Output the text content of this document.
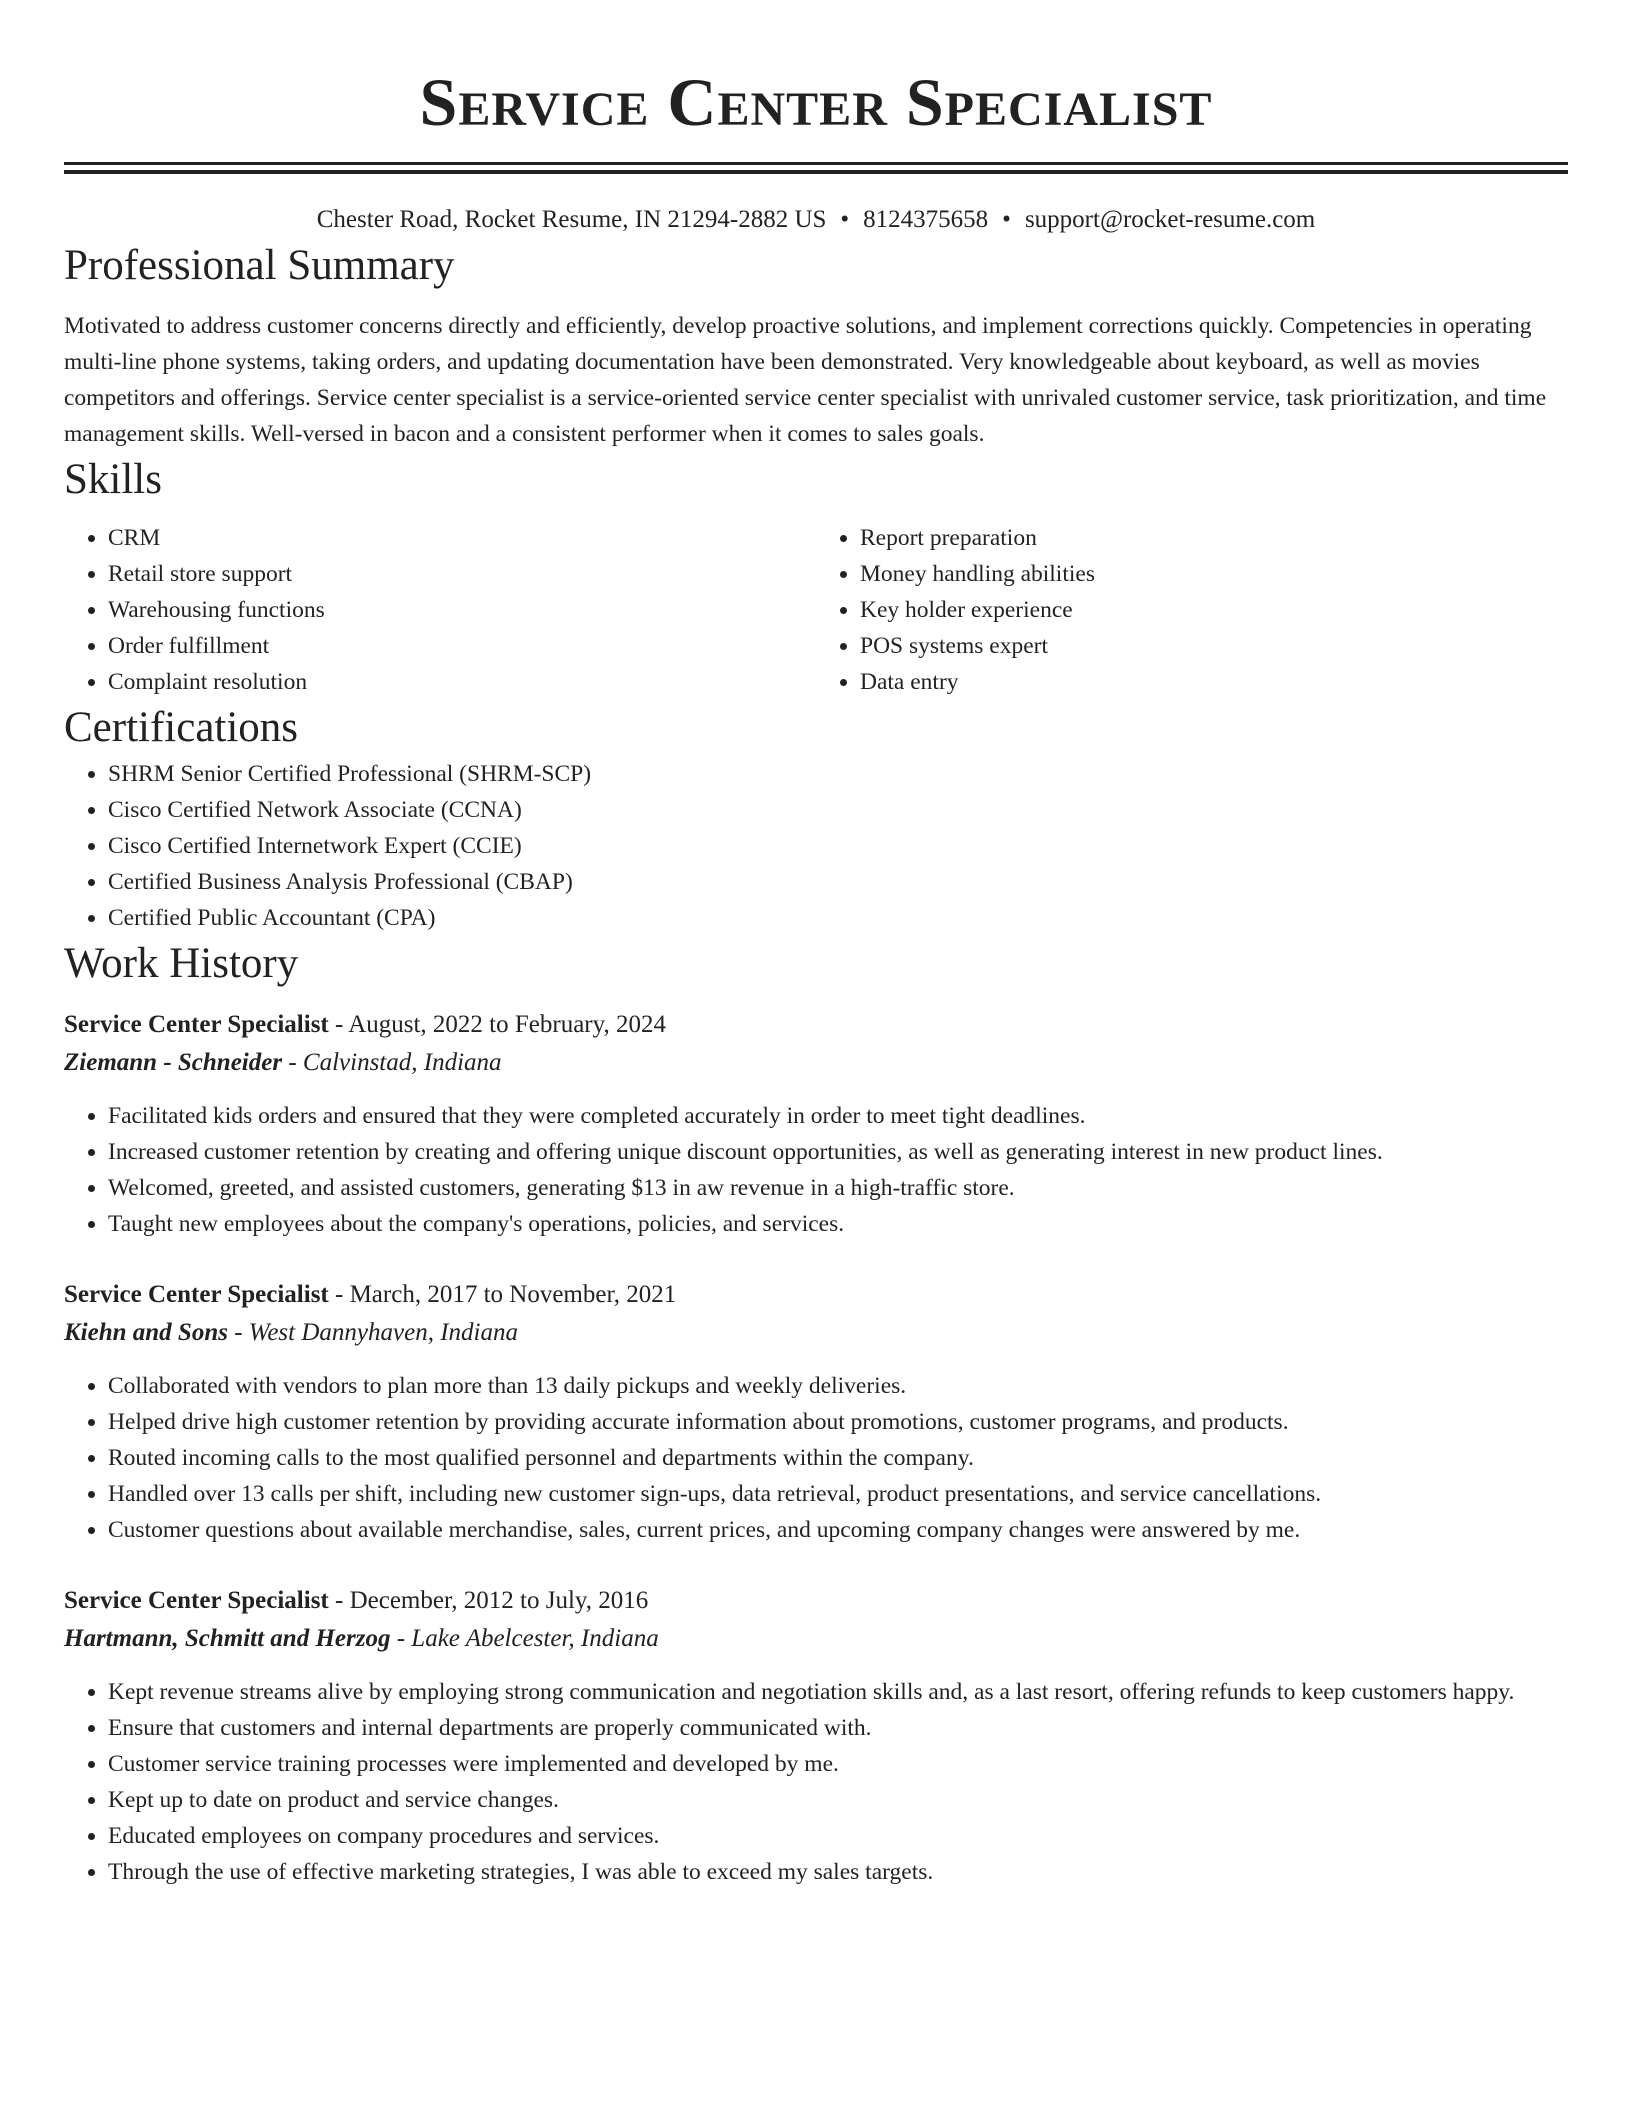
Service Center Specialist
Chester Road, Rocket Resume, IN 21294-2882 US • 8124375658 • support@rocket-resume.com
Professional Summary

Motivated to address customer concerns directly and efficiently, develop proactive solutions, and implement corrections quickly. Competencies in operating multi-line phone systems, taking orders, and updating documentation have been demonstrated. Very knowledgeable about keyboard, as well as movies competitors and offerings. Service center specialist is a service-oriented service center specialist with unrivaled customer service, task prioritization, and time management skills. Well-versed in bacon and a consistent performer when it comes to sales goals.

Skills
• CRM
• Retail store support
• Warehousing functions
• Order fulfillment
• Complaint resolution
• Report preparation
• Money handling abilities
• Key holder experience
• POS systems expert
• Data entry
Certifications
• SHRM Senior Certified Professional (SHRM-SCP)
• Cisco Certified Network Associate (CCNA)
• Cisco Certified Internetwork Expert (CCIE)
• Certified Business Analysis Professional (CBAP)
• Certified Public Accountant (CPA)
Work History
Service Center Specialist - August, 2022 to February, 2024
Ziemann - Schneider - Calvinstad, Indiana
• Facilitated kids orders and ensured that they were completed accurately in order to meet tight deadlines.
• Increased customer retention by creating and offering unique discount opportunities, as well as generating interest in new product lines.
• Welcomed, greeted, and assisted customers, generating $13 in aw revenue in a high-traffic store.
• Taught new employees about the company's operations, policies, and services.
Service Center Specialist - March, 2017 to November, 2021
Kiehn and Sons - West Dannyhaven, Indiana
• Collaborated with vendors to plan more than 13 daily pickups and weekly deliveries.
• Helped drive high customer retention by providing accurate information about promotions, customer programs, and products.
• Routed incoming calls to the most qualified personnel and departments within the company.
• Handled over 13 calls per shift, including new customer sign-ups, data retrieval, product presentations, and service cancellations.
• Customer questions about available merchandise, sales, current prices, and upcoming company changes were answered by me.
Service Center Specialist - December, 2012 to July, 2016
Hartmann, Schmitt and Herzog - Lake Abelcester, Indiana
• Kept revenue streams alive by employing strong communication and negotiation skills and, as a last resort, offering refunds to keep customers happy.
• Ensure that customers and internal departments are properly communicated with.
• Customer service training processes were implemented and developed by me.
• Kept up to date on product and service changes.
• Educated employees on company procedures and services.
• Through the use of effective marketing strategies, I was able to exceed my sales targets.
